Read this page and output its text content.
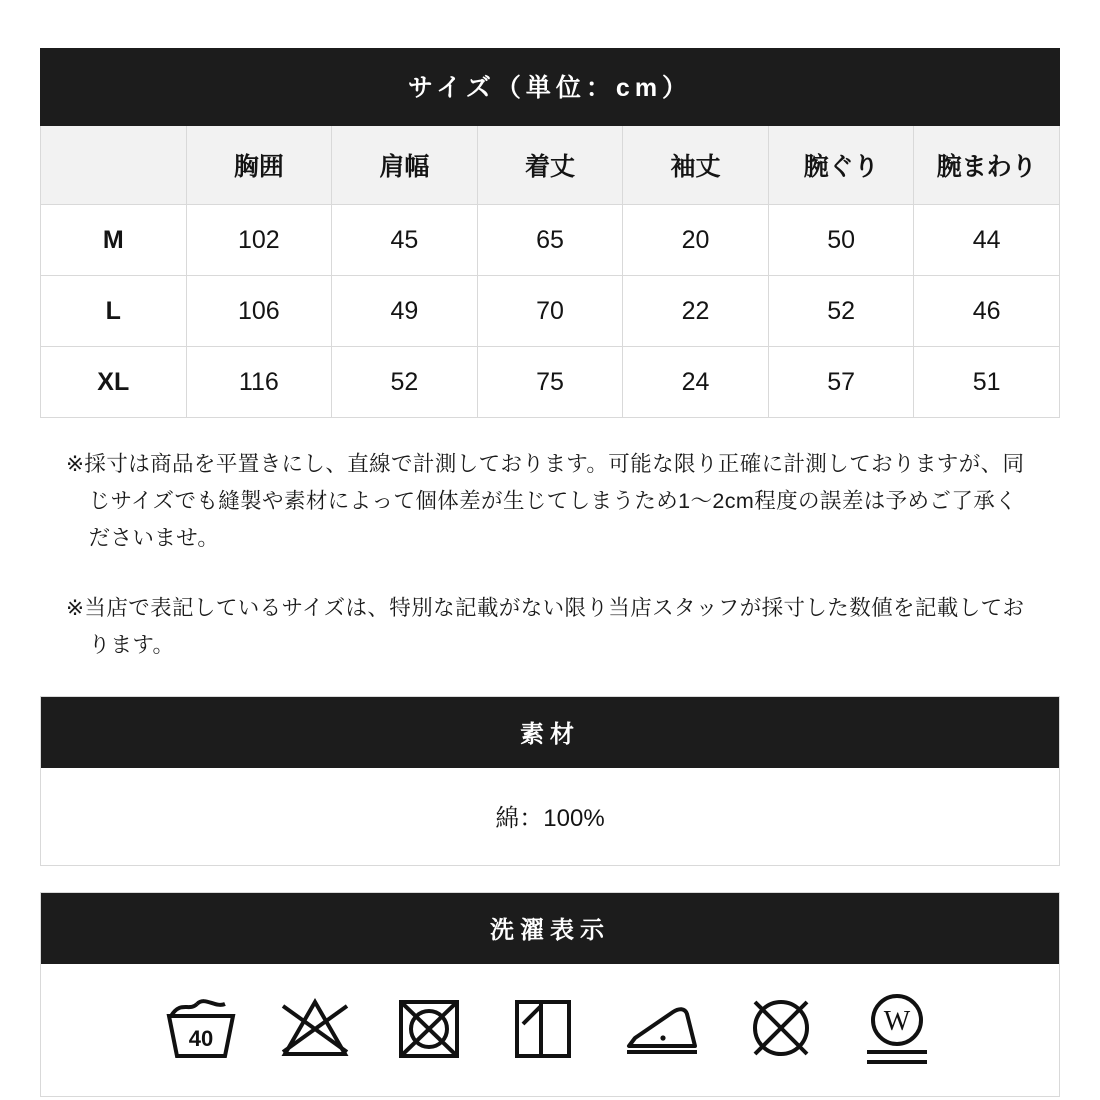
サイズ（単位：cm）						
	胸囲	肩幅	着丈	袖丈	腕ぐり	腕まわり
M	102	45	65	20	50	44
L	106	49	70	22	52	46
XL	116	52	75	24	57	51

※採寸は商品を平置きにし、直線で計測しております。可能な限り正確に計測しておりますが、同じサイズでも縫製や素材によって個体差が生じてしまうため1〜2cm程度の誤差は予めご了承くださいませ。

※当店で表記しているサイズは、特別な記載がない限り当店スタッフが採寸した数値を記載しております。

素材
綿：100%
洗濯表示
40
W
